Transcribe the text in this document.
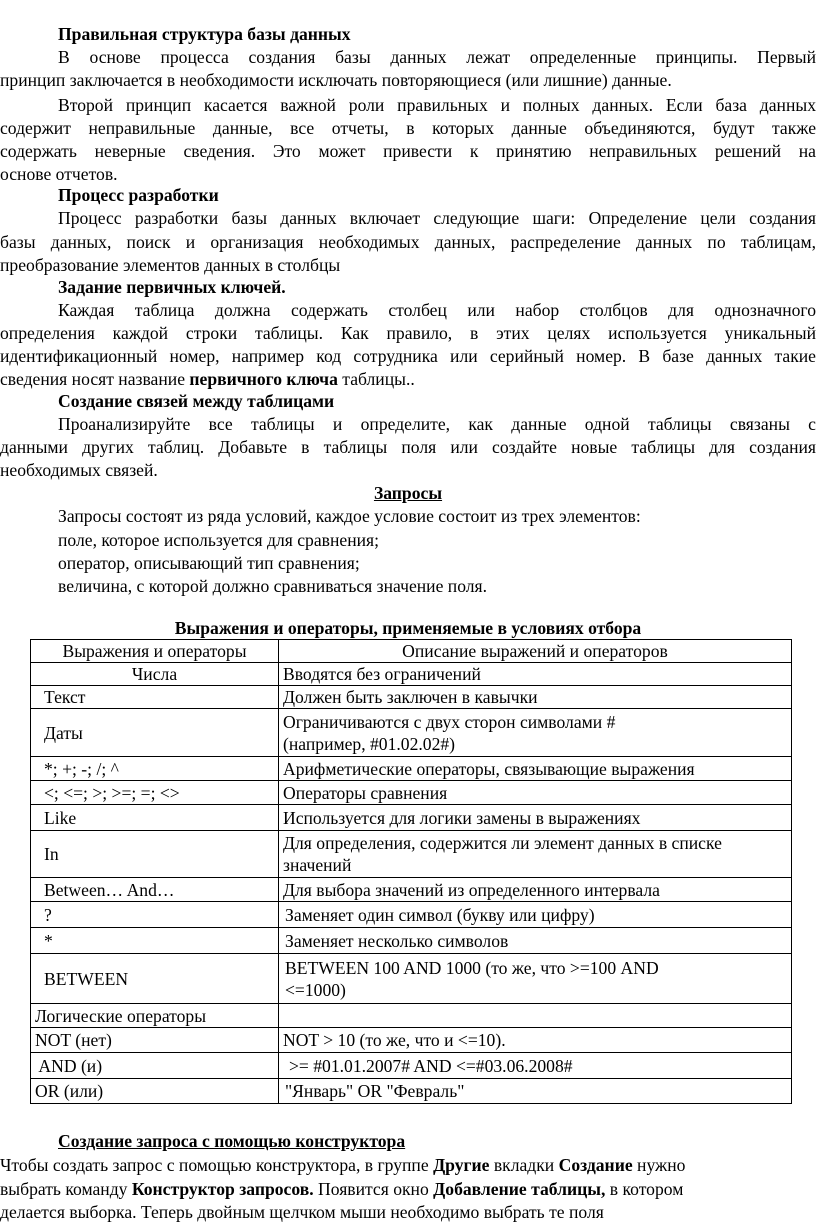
Правильная структура базы данных
В основе процесса создания базы данных лежат определенные принципы. Первый
принцип заключается в необходимости исключать повторяющиеся (или лишние) данные.
Второй принцип касается важной роли правильных и полных данных. Если база данных
содержит неправильные данные, все отчеты, в которых данные объединяются, будут также
содержать неверные сведения. Это может привести к принятию неправильных решений на
основе отчетов.
Процесс разработки
Процесс разработки базы данных включает следующие шаги: Определение цели создания
базы данных, поиск и организация необходимых данных, распределение данных по таблицам,
преобразование элементов данных в столбцы
Задание первичных ключей.
Каждая таблица должна содержать столбец или набор столбцов для однозначного
определения каждой строки таблицы. Как правило, в этих целях используется уникальный
идентификационный номер, например код сотрудника или серийный номер. В базе данных такие
сведения носят название первичного ключа таблицы..
Создание связей между таблицами
Проанализируйте все таблицы и определите, как данные одной таблицы связаны с
данными других таблиц. Добавьте в таблицы поля или создайте новые таблицы для создания
необходимых связей.
Запросы
Запросы состоят из ряда условий, каждое условие состоит из трех элементов:
поле, которое используется для сравнения;
оператор, описывающий тип сравнения;
величина, с которой должно сравниваться значение поля.
Выражения и операторы, применяемые в условиях отбора
Выражения и операторы	Описание выражений и операторов
Числа	Вводятся без ограничений
Текст	Должен быть заключен в кавычки
Даты	Ограничиваются с двух сторон символами #
(например, #01.02.02#)

*; +; -; /; ^	Арифметические операторы, связывающие выражения
<; <=; >; >=; =; <>	Операторы сравнения
Like	Используется для логики замены в выражениях
In	Для определения, содержится ли элемент данных в списке
значений

Between… And…	Для выбора значений из определенного интервала
?	Заменяет один символ (букву или цифру)
*	Заменяет несколько символов
BETWEEN	BETWEEN 100 AND 1000 (то же, что >=100 AND
<=1000)

Логические операторы	
NOT (нет)	NOT > 10 (то же, что и <=10).
AND (и)	>= #01.01.2007# AND <=#03.06.2008#
OR (или)	"Январь" OR "Февраль"
Создание запроса с помощью конструктора
Чтобы создать запрос с помощью конструктора, в группе Другие вкладки Создание нужно
выбрать команду Конструктор запросов. Появится окно Добавление таблицы, в котором
делается выборка. Теперь двойным щелчком мыши необходимо выбрать те поля
